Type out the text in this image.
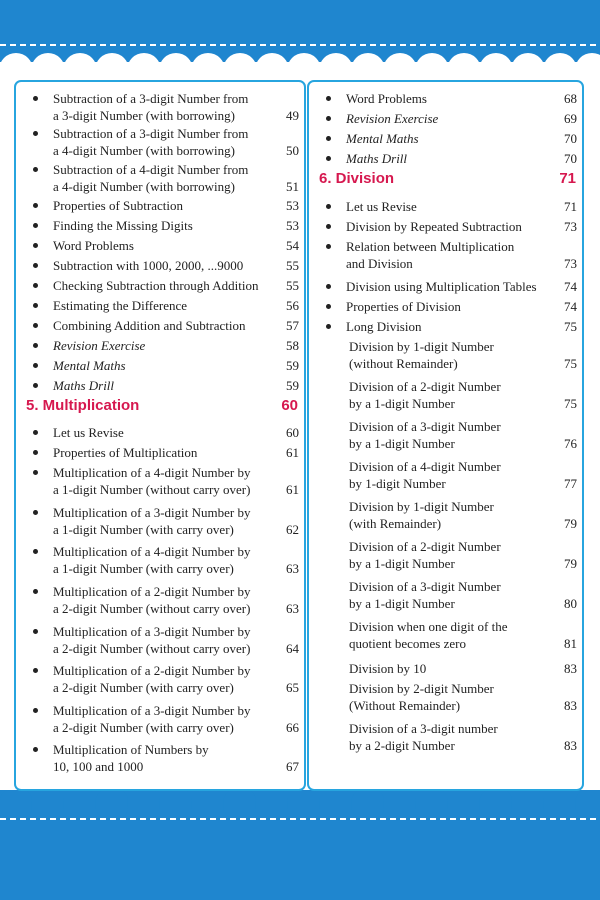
Subtraction of a 3-digit Number from
a 3-digit Number (with borrowing)	49
Subtraction of a 3-digit Number from
a 4-digit Number (with borrowing)	50
Subtraction of a 4-digit Number from
a 4-digit Number (with borrowing)	51
Properties of Subtraction	53
Finding the Missing Digits	53
Word Problems	54
Subtraction with 1000, 2000, ...9000	55
Checking Subtraction through Addition	55
Estimating the Difference	56
Combining Addition and Subtraction	57
Revision Exercise	58
Mental Maths	59
Maths Drill	59
5. Multiplication	60
Let us Revise	60
Properties of Multiplication	61
Multiplication of a 4-digit Number by
a 1-digit Number (without carry over)	61
Multiplication of a 3-digit Number by
a 1-digit Number (with carry over)	62
Multiplication of a 4-digit Number by
a 1-digit Number (with carry over)	63
Multiplication of a 2-digit Number by
a 2-digit Number (without carry over)	63
Multiplication of a 3-digit Number by
a 2-digit Number (without carry over)	64
Multiplication of a 2-digit Number by
a 2-digit Number (with carry over)	65
Multiplication of a 3-digit Number by
a 2-digit Number (with carry over)	66
Multiplication of Numbers by
10, 100 and 1000	67
Word Problems	68
Revision Exercise	69
Mental Maths	70
Maths Drill	70
6. Division	71
Let us Revise	71
Division by Repeated Subtraction	73
Relation between Multiplication
and Division	73
Division using Multiplication Tables	74
Properties of Division	74
Long Division	75
Division by 1-digit Number
(without Remainder)	75
Division of a 2-digit Number
by a 1-digit Number	75
Division of a 3-digit Number
by a 1-digit Number	76
Division of a 4-digit Number
by 1-digit Number	77
Division by 1-digit Number
(with Remainder)	79
Division of a 2-digit Number
by a 1-digit Number	79
Division of a 3-digit Number
by a 1-digit Number	80
Division when one digit of the
quotient becomes zero	81
Division by 10	83
Division by 2-digit Number
(Without Remainder)	83
Division of a 3-digit number
by a 2-digit Number	83
